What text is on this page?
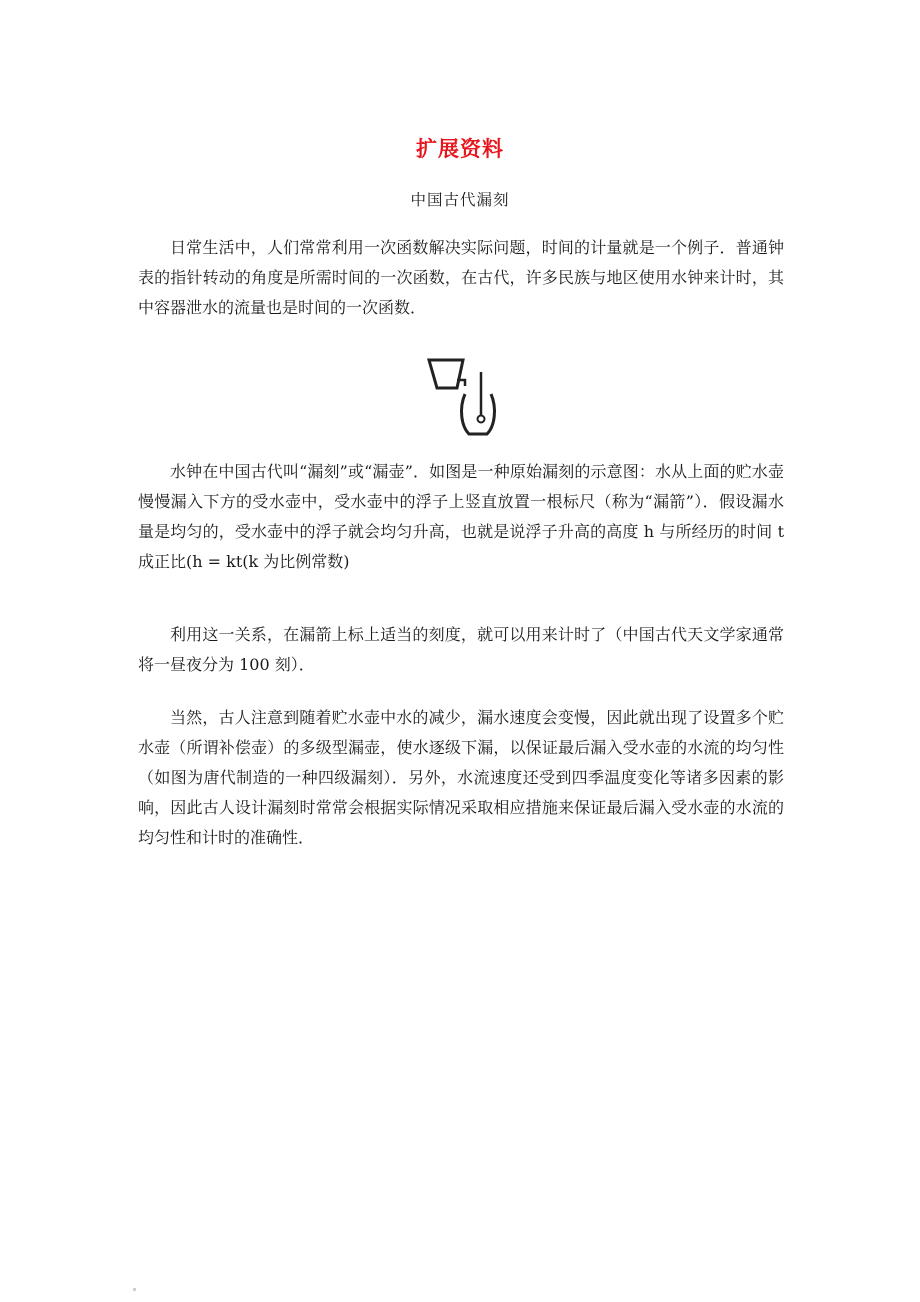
扩展资料
中国古代漏刻

日常生活中，人们常常利用一次函数解决实际问题，时间的计量就是一个例子．普通钟表的指针转动的角度是所需时间的一次函数，在古代，许多民族与地区使用水钟来计时，其中容器泄水的流量也是时间的一次函数．

水钟在中国古代叫“漏刻”或“漏壶”．如图是一种原始漏刻的示意图：水从上面的贮水壶慢慢漏入下方的受水壶中，受水壶中的浮子上竖直放置一根标尺（称为“漏箭”）．假设漏水量是均匀的，受水壶中的浮子就会均匀升高，也就是说浮子升高的高度 h 与所经历的时间 t 成正比(h = kt(k 为比例常数)

利用这一关系，在漏箭上标上适当的刻度，就可以用来计时了（中国古代天文学家通常将一昼夜分为 100 刻）．

当然，古人注意到随着贮水壶中水的减少，漏水速度会变慢，因此就出现了设置多个贮水壶（所谓补偿壶）的多级型漏壶，使水逐级下漏，以保证最后漏入受水壶的水流的均匀性（如图为唐代制造的一种四级漏刻）．另外，水流速度还受到四季温度变化等诸多因素的影响，因此古人设计漏刻时常常会根据实际情况采取相应措施来保证最后漏入受水壶的水流的均匀性和计时的准确性．
